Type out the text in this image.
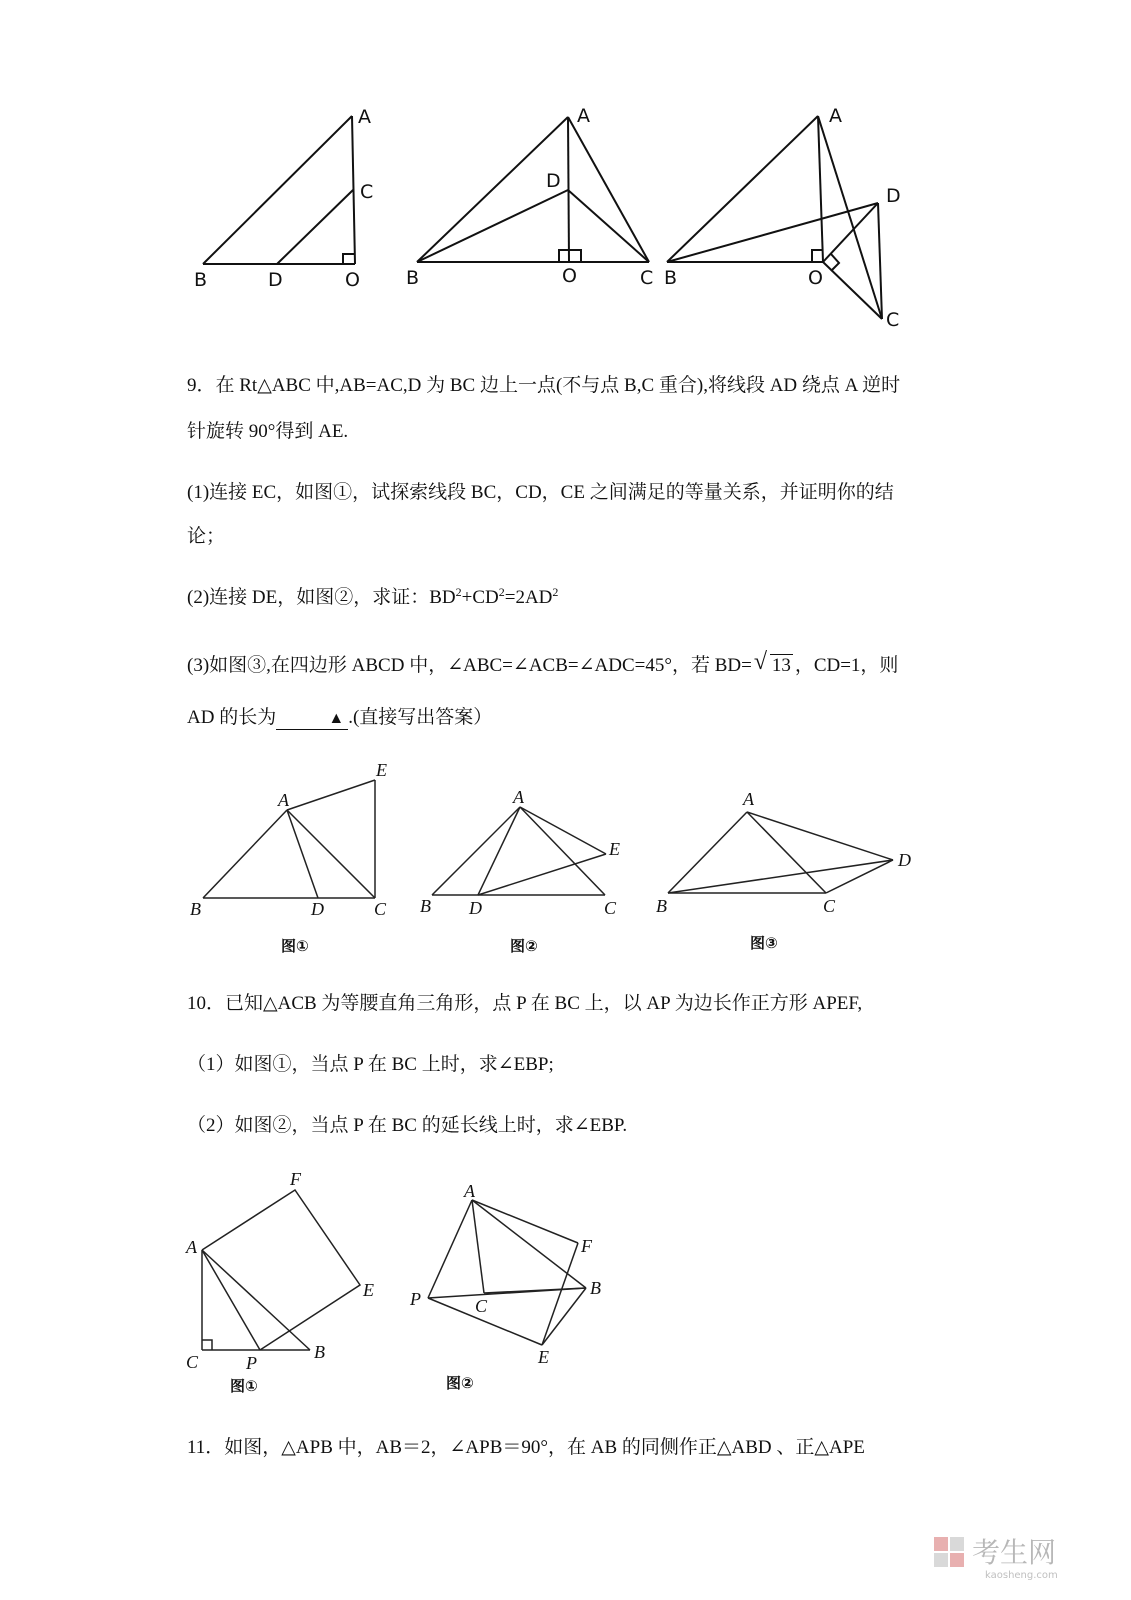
A
C
B	D	O
A
D
B	O	C
A
D
B	O
C
A
E
B	D	C
图①
A
E
B D	C
图②
A
D
B	C
图③
F
A
E
C	P
B
图①
A
F
B
P	C
E
图②
考生网
kaosheng.com
9．在 Rt△ABC 中,AB=AC,D 为 BC 边上一点(不与点 B,C 重合),将线段 AD 绕点 A 逆时
针旋转 90°得到 AE.
(1)连接 EC，如图①，试探索线段 BC，CD，CE 之间满足的等量关系，并证明你的结
论；
(2)连接 DE，如图②，求证：$BD^2+CD^2=2AD^2$
(3)如图③,在四边形 ABCD 中，∠ABC=∠ACB=∠ADC=45°，若 BD= √ 13 ，CD=1，则
AD 的长为	▲ .(直接写出答案）
10．已知△ACB 为等腰直角三角形，点 P 在 BC 上，以 AP 为边长作正方形 APEF,
（1）如图①，当点 P 在 BC 上时，求∠EBP;
（2）如图②，当点 P 在 BC 的延长线上时，求∠EBP.
11．如图，△APB 中，AB＝2，∠APB＝90°，在 AB 的同侧作正△ABD 、正△APE
